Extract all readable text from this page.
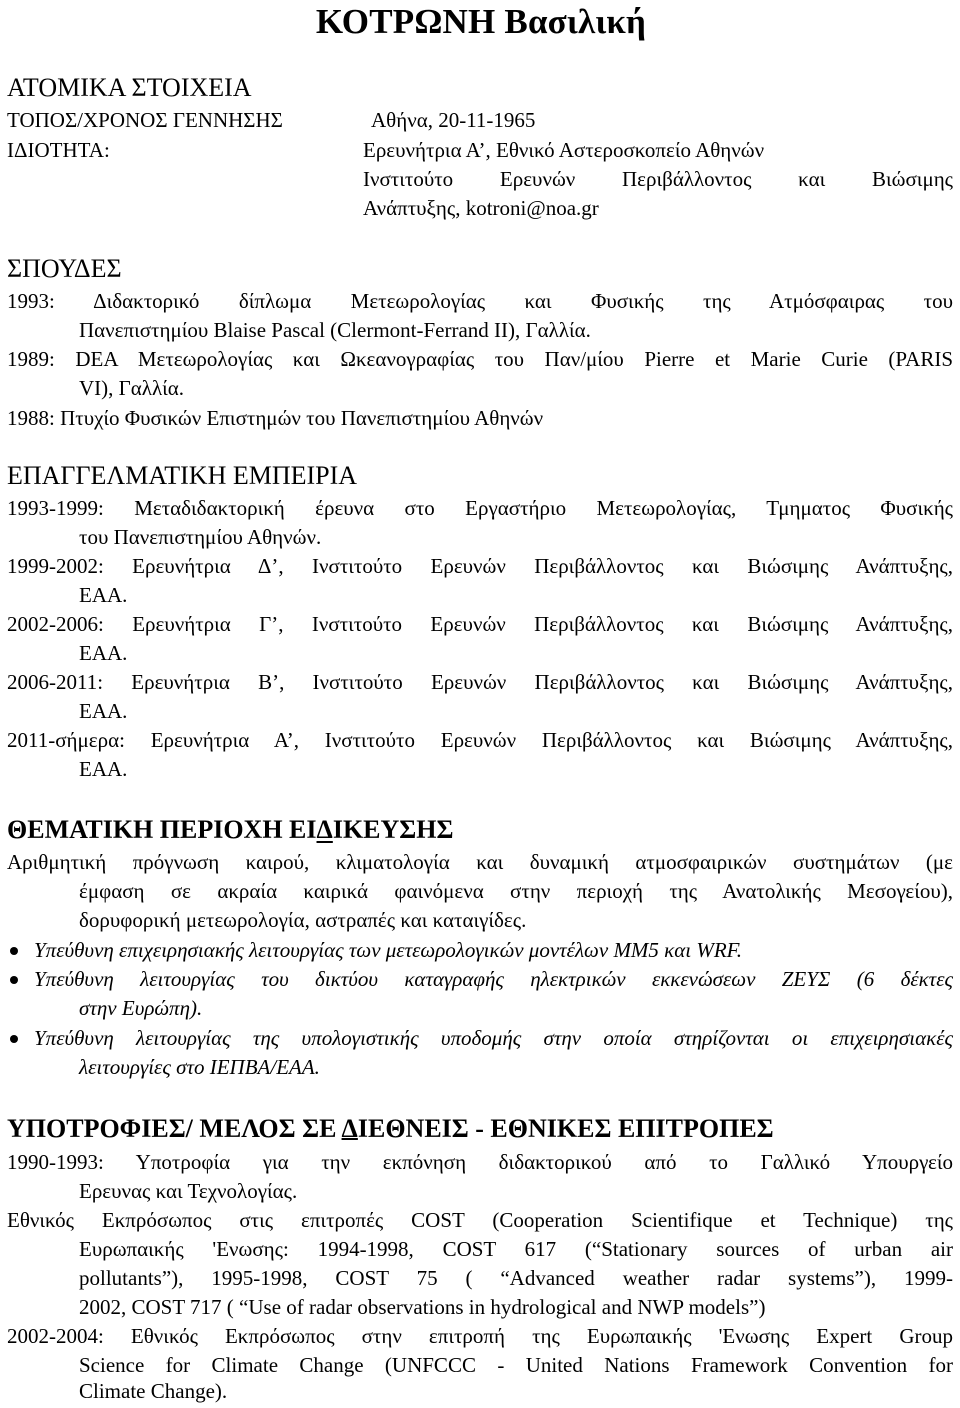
ΚΟΤΡΩΝΗ Βασιλική
ΑΤΟΜΙΚΑ ΣΤΟΙΧΕΙΑ
ΤΟΠΟΣ/ΧΡΟΝΟΣ ΓΕΝΝΗΣΗΣ	Αθήνα, 20-11-1965
ΙΔΙΟΤΗΤΑ:	Ερευνήτρια Α’, Εθνικό Αστεροσκοπείο Αθηνών
Ινστιτούτο Ερευνών Περιβάλλοντος και Βιώσιμης
Ανάπτυξης, kotroni@noa.gr
ΣΠΟΥΔΕΣ
1993: Διδακτορικό δίπλωμα Μετεωρολογίας και Φυσικής της Ατμόσφαιρας του
Πανεπιστημίου Blaise Pascal (Clermont-Ferrand II), Γαλλία.
1989: DEA Μετεωρολογίας και Ωκεανογραφίας του Παν/μίου Pierre et Marie Curie (PARIS
VI), Γαλλία.
1988: Πτυχίο Φυσικών Επιστημών του Πανεπιστημίου Αθηνών
ΕΠΑΓΓΕΛΜΑΤΙΚΗ ΕΜΠΕΙΡΙΑ
1993-1999: Μεταδιδακτορική έρευνα στο Εργαστήριο Μετεωρολογίας, Τμηματος Φυσικής
του Πανεπιστημίου Αθηνών.
1999-2002: Ερευνήτρια Δ’, Ινστιτούτο Ερευνών Περιβάλλοντος και Βιώσιμης Ανάπτυξης,
ΕΑΑ.
2002-2006: Ερευνήτρια Γ’, Ινστιτούτο Ερευνών Περιβάλλοντος και Βιώσιμης Ανάπτυξης,
ΕΑΑ.
2006-2011: Ερευνήτρια Β’, Ινστιτούτο Ερευνών Περιβάλλοντος και Βιώσιμης Ανάπτυξης,
ΕΑΑ.
2011-σήμερα: Ερευνήτρια Α’, Ινστιτούτο Ερευνών Περιβάλλοντος και Βιώσιμης Ανάπτυξης,
ΕΑΑ.
ΘΕΜΑΤΙΚΗ ΠΕΡΙΟΧΗ ΕΙΔΙΚΕΥΣΗΣ
Αριθμητική πρόγνωση καιρού, κλιματολογία και δυναμική ατμοσφαιρικών συστημάτων (με
έμφαση σε ακραία καιρικά φαινόμενα στην περιοχή της Ανατολικής Μεσογείου),
δορυφορική μετεωρολογία, αστραπές και καταιγίδες.
Υπεύθυνη επιχειρησιακής λειτουργίας των μετεωρολογικών μοντέλων ΜΜ5 και WRF.
Υπεύθυνη λειτουργίας του δικτύου καταγραφής ηλεκτρικών εκκενώσεων ΖΕΥΣ (6 δέκτες
στην Ευρώπη).
Υπεύθυνη λειτουργίας της υπολογιστικής υποδομής στην οποία στηρίζονται οι επιχειρησιακές
λειτουργίες στο ΙΕΠΒΑ/ΕΑΑ.
ΥΠΟΤΡΟΦΙΕΣ/ ΜΕΛΟΣ ΣΕ ΔΙΕΘΝΕΙΣ - ΕΘΝΙΚΕΣ ΕΠΙΤΡΟΠΕΣ
1990-1993: Υποτροφία για την εκπόνηση διδακτορικού από το Γαλλικό Υπουργείο
Ερευνας και Τεχνολογίας.
Εθνικός Εκπρόσωπος στις επιτροπές COST (Cooperation Scientifique et Technique) της
Ευρωπαικής 'Ενωσης: 1994-1998, COST 617 (“Stationary sources of urban air
pollutants”), 1995-1998, COST 75 ( “Advanced weather radar systems”), 1999-
2002, COST 717 ( “Use of radar observations in hydrological and NWP models”)
2002-2004: Εθνικός Εκπρόσωπος στην επιτροπή της Ευρωπαικής 'Ενωσης Expert Group
Science for Climate Change (UNFCCC - United Nations Framework Convention for
Climate Change).
